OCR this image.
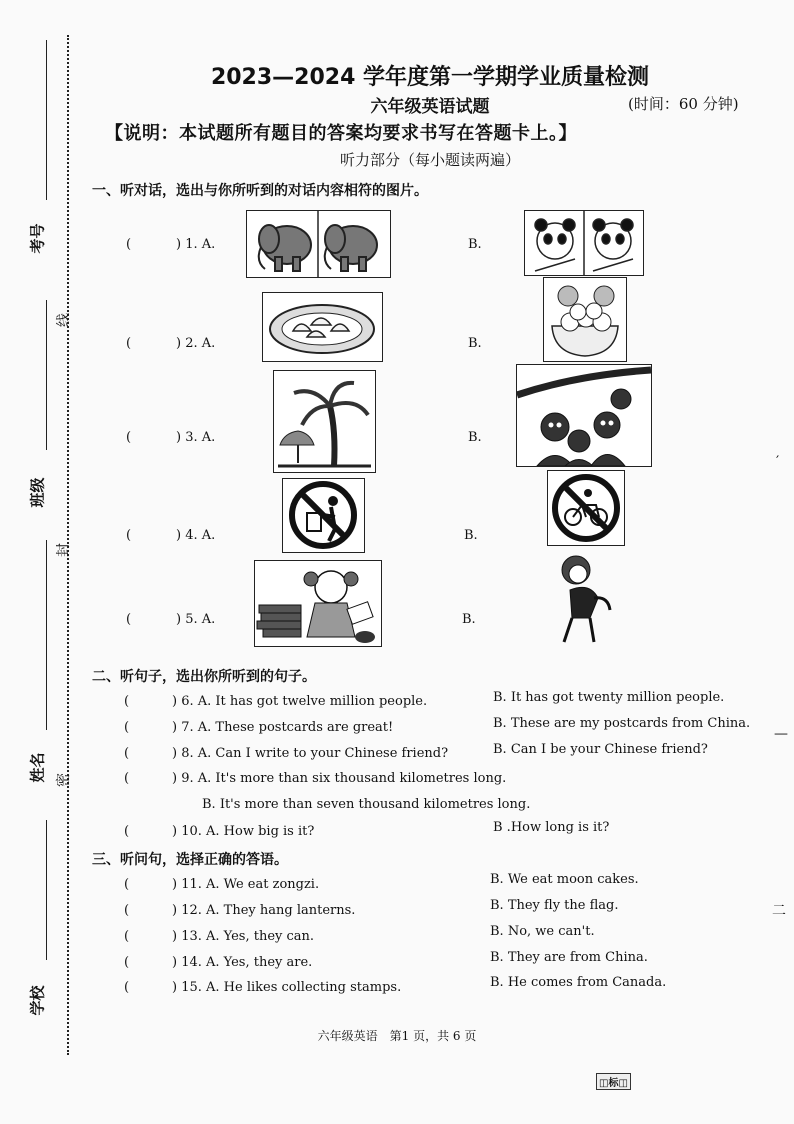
考号
班级
姓名
学校
线
封
密
2023—2024 学年度第一学期学业质量检测
六年级英语试题	(时间：60 分钟)
【说明：本试题所有题目的答案均要求书写在答题卡上。】
听力部分（每小题读两遍）
一、听对话，选出与你所听到的对话内容相符的图片。
(	) 1. A.	B.
(	) 2. A.	B.
(	) 3. A.	B.
(	) 4. A.	B.
(	) 5. A.	B.
二、听句子，选出你所听到的句子。
(	) 6. A. It has got twelve million people.	B. It has got twenty million people.
(	) 7. A. These postcards are great!	B. These are my postcards from China.
(	) 8. A. Can I write to your Chinese friend?	B. Can I be your Chinese friend?
(	) 9. A. It's more than six thousand kilometres long.
B. It's more than seven thousand kilometres long.
(	) 10. A. How big is it?	B .How long is it?
三、听问句，选择正确的答语。
(	) 11. A. We eat zongzi.	B. We eat moon cakes.
(	) 12. A. They hang lanterns.	B. They fly the flag.
(	) 13. A. Yes, they can.	B. No, we can't.
(	) 14. A. Yes, they are.	B. They are from China.
(	) 15. A. He likes collecting stamps.	B. He comes from Canada.
六年级英语　第1 页，共 6 页
◫标◫
′
—
二
